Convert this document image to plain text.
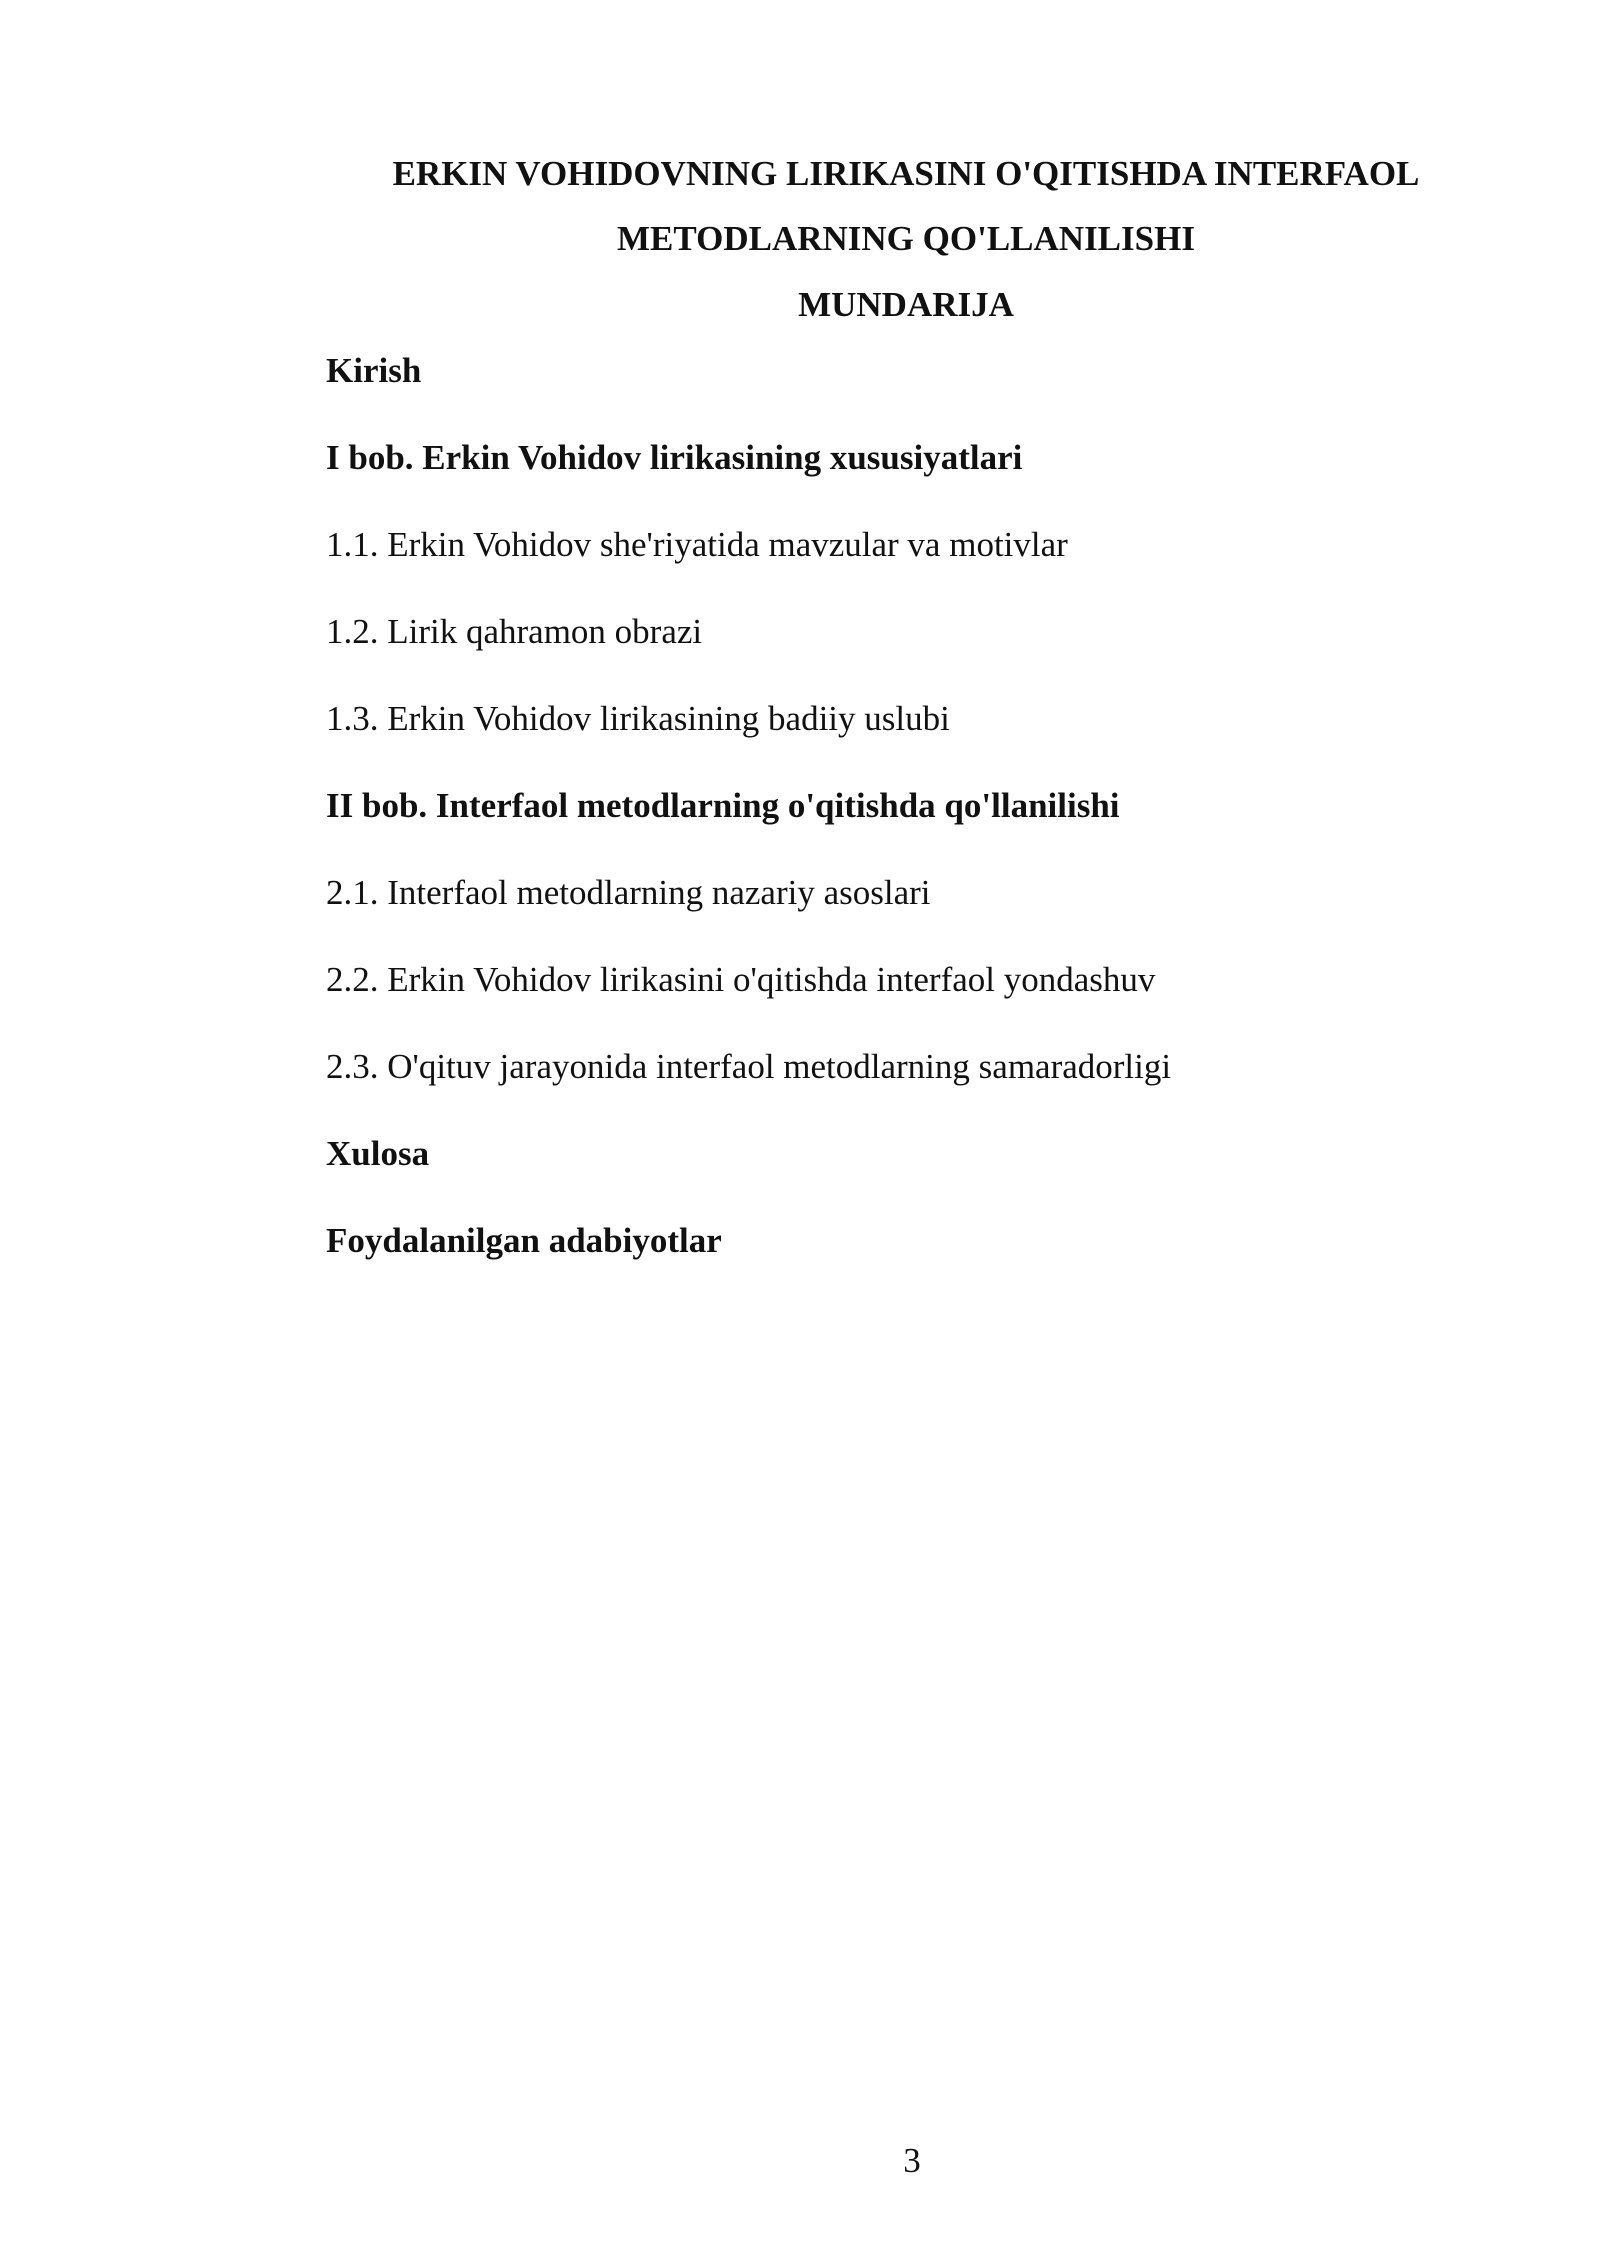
ERKIN VOHIDOVNING LIRIKASINI O'QITISHDA INTERFAOL
METODLARNING QO'LLANILISHI
MUNDARIJA
Kirish
I bob. Erkin Vohidov lirikasining xususiyatlari
1.1. Erkin Vohidov she'riyatida mavzular va motivlar
1.2. Lirik qahramon obrazi
1.3. Erkin Vohidov lirikasining badiiy uslubi
II bob. Interfaol metodlarning o'qitishda qo'llanilishi
2.1. Interfaol metodlarning nazariy asoslari
2.2. Erkin Vohidov lirikasini o'qitishda interfaol yondashuv
2.3. O'qituv jarayonida interfaol metodlarning samaradorligi
Xulosa
Foydalanilgan adabiyotlar
3
